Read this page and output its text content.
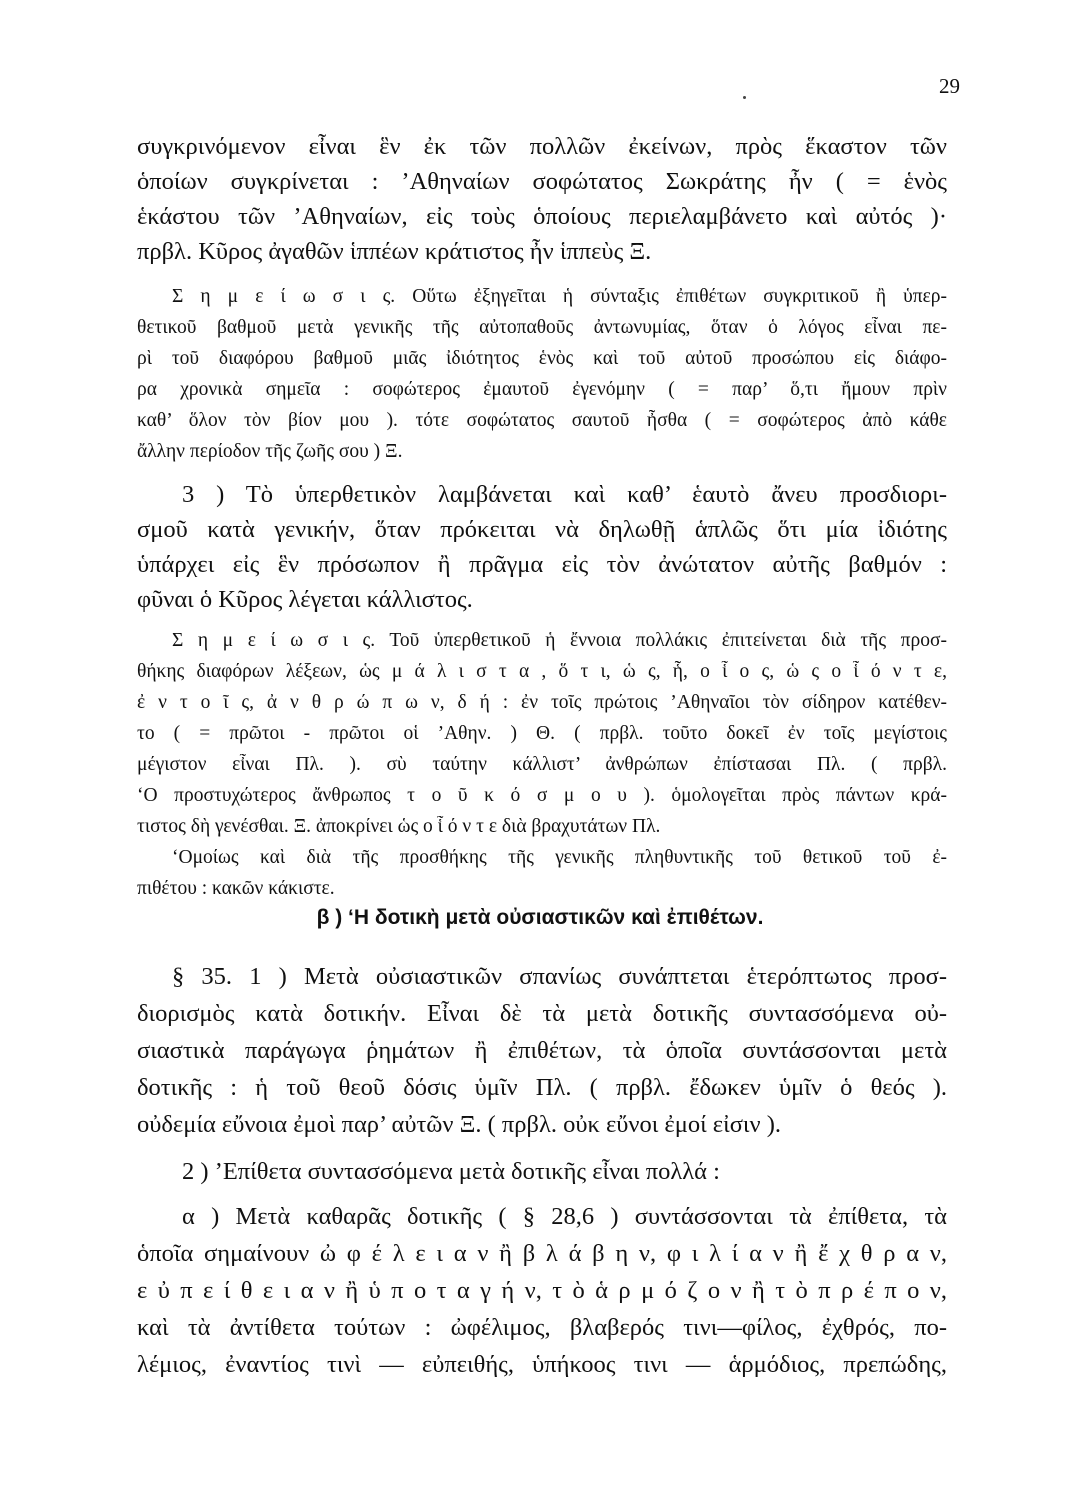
29
συγκρινόμενον εἶναι ἓν ἐκ τῶν πολλῶν ἐκείνων, πρὸς ἕκαστον τῶν
ὁποίων συγκρίνεται : ’Αθηναίων σοφώτατος Σωκράτης ἦν ( = ἑνὸς
ἑκάστου τῶν ’Αθηναίων, εἰς τοὺς ὁποίους περιελαμβάνετο καὶ αὐτός )·
πρβλ. Κῦρος ἀγαθῶν ἱππέων κράτιστος ἦν ἱππεὺς Ξ.
Σ η μ ε ί ω σ ι ς. Οὕτω ἐξηγεῖται ἡ σύνταξις ἐπιθέτων συγκριτικοῦ ἢ ὑπερ-
θετικοῦ βαθμοῦ μετὰ γενικῆς τῆς αὐτοπαθοῦς ἀντωνυμίας, ὅταν ὁ λόγος εἶναι πε-
ρὶ τοῦ διαφόρου βαθμοῦ μιᾶς ἰδιότητος ἑνὸς καὶ τοῦ αὐτοῦ προσώπου εἰς διάφο-
ρα χρονικὰ σημεῖα : σοφώτερος ἐμαυτοῦ ἐγενόμην ( = παρ’ ὅ,τι ἤμουν πρὶν
καθ’ ὅλον τὸν βίον μου ). τότε σοφώτατος σαυτοῦ ἦσθα ( = σοφώτερος ἀπὸ κάθε
ἄλλην περίοδον τῆς ζωῆς σου ) Ξ.
3 ) Τὸ ὑπερθετικὸν λαμβάνεται καὶ καθ’ ἑαυτὸ ἄνευ προσδιορι-
σμοῦ κατὰ γενικήν, ὅταν πρόκειται νὰ δηλωθῇ ἁπλῶς ὅτι μία ἰδιότης
ὑπάρχει εἰς ἓν πρόσωπον ἢ πρᾶγμα εἰς τὸν ἀνώτατον αὐτῆς βαθμόν :
φῦναι ὁ Κῦρος λέγεται κάλλιστος.
Σ η μ ε ί ω σ ι ς. Τοῦ ὑπερθετικοῦ ἡ ἔννοια πολλάκις ἐπιτείνεται διὰ τῆς προσ-
θήκης διαφόρων λέξεων, ὡς μ ά λ ι σ τ α , ὅ τ ι, ὡ ς, ἧ, ο ἷ ο ς, ὡ ς ο ἷ ό ν τ ε,
ἐ ν τ ο ῖ ς, ἀ ν θ ρ ώ π ω ν, δ ή : ἐν τοῖς πρώτοις ’Αθηναῖοι τὸν σίδηρον κατέθεν-
το ( = πρῶτοι - πρῶτοι οἱ ’Αθην. ) Θ. ( πρβλ. τοῦτο δοκεῖ ἐν τοῖς μεγίστοις
μέγιστον εἶναι Πλ. ). σὺ ταύτην κάλλιστ’ ἀνθρώπων ἐπίστασαι Πλ. ( πρβλ.
‘Ο προστυχώτερος ἄνθρωπος τ ο ῦ κ ό σ μ ο υ ). ὁμολογεῖται πρὸς πάντων κρά-
τιστος δὴ γενέσθαι. Ξ. ἀποκρίνει ὡς ο ἷ ό ν τ ε διὰ βραχυτάτων Πλ.
‘Ομοίως καὶ διὰ τῆς προσθήκης τῆς γενικῆς πληθυντικῆς τοῦ θετικοῦ τοῦ ἐ-
πιθέτου : κακῶν κάκιστε.
β ) ‘Η δοτικὴ μετὰ οὐσιαστικῶν καὶ ἐπιθέτων.
§ 35. 1 ) Μετὰ οὐσιαστικῶν σπανίως συνάπτεται ἑτερόπτωτος προσ-
διορισμὸς κατὰ δοτικήν. Εἶναι δὲ τὰ μετὰ δοτικῆς συντασσόμενα οὐ-
σιαστικὰ παράγωγα ῥημάτων ἢ ἐπιθέτων, τὰ ὁποῖα συντάσσονται μετὰ
δοτικῆς : ἡ τοῦ θεοῦ δόσις ὑμῖν Πλ. ( πρβλ. ἔδωκεν ὑμῖν ὁ θεός ).
οὐδεμία εὔνοια ἐμοὶ παρ’ αὐτῶν Ξ. ( πρβλ. οὐκ εὔνοι ἐμοί εἰσιν ).
2 ) ’Επίθετα συντασσόμενα μετὰ δοτικῆς εἶναι πολλά :
α ) Μετὰ καθαρᾶς δοτικῆς ( § 28,6 ) συντάσσονται τὰ ἐπίθετα, τὰ
ὁποῖα σημαίνουν ὠ φ έ λ ε ι α ν ἢ β λ ά β η ν, φ ι λ ί α ν ἢ ἔ χ θ ρ α ν,
ε ὐ π ε ί θ ε ι α ν ἢ ὑ π ο τ α γ ή ν, τ ὸ ἁ ρ μ ό ζ ο ν ἢ τ ὸ π ρ έ π ο ν,
καὶ τὰ ἀντίθετα τούτων : ὠφέλιμος, βλαβερός τινι—φίλος, ἐχθρός, πο-
λέμιος, ἐναντίος τινὶ — εὐπειθής, ὑπήκοος τινι — ἁρμόδιος, πρεπώδης,
